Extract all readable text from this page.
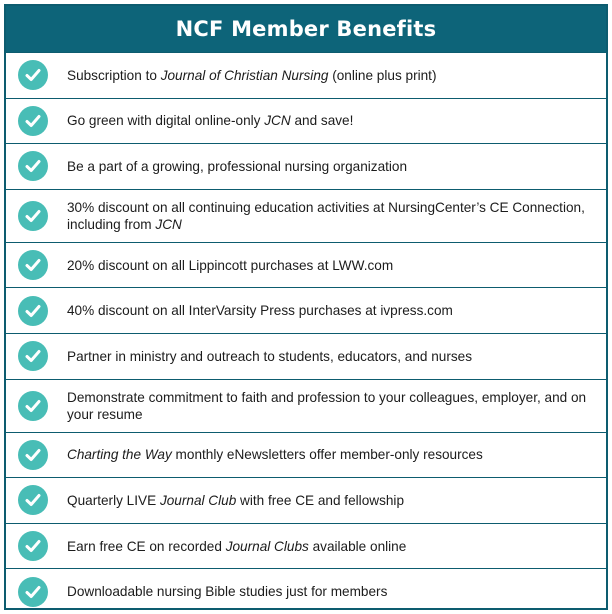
NCF Member Benefits
Subscription to Journal of Christian Nursing (online plus print)
Go green with digital online-only JCN and save!
Be a part of a growing, professional nursing organization
30% discount on all continuing education activities at NursingCenter’s CE Connection, including from JCN
20% discount on all Lippincott purchases at LWW.com
40% discount on all InterVarsity Press purchases at ivpress.com
Partner in ministry and outreach to students, educators, and nurses
Demonstrate commitment to faith and profession to your colleagues, employer, and on your resume
Charting the Way monthly eNewsletters offer member-only resources
Quarterly LIVE Journal Club with free CE and fellowship
Earn free CE on recorded Journal Clubs available online
Downloadable nursing Bible studies just for members
